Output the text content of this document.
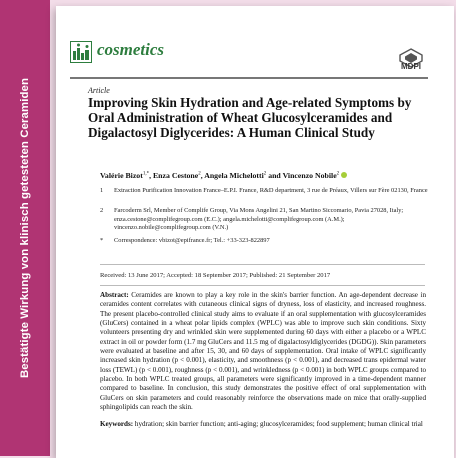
Bestätigte Wirkung von klinisch getesteten Ceramiden
cosmetics
MDPI
Article
Improving Skin Hydration and Age-related Symptoms by Oral Administration of Wheat Glucosylceramides and Digalactosyl Diglycerides: A Human Clinical Study
Valérie Bizot$^{1,*}$, Enza Cestone$^2$, Angela Michelotti$^2$ and Vincenzo Nobile$^2$
1	Extraction Purification Innovation France–E.P.I. France, R&D department, 3 rue de Préaux, Villers sur Fère 02130, France
2	Farcoderm Srl, Member of Complife Group, Via Mons Angelini 21, San Martino Siccomario, Pavia 27028, Italy; enza.cestone@complifegroup.com (E.C.); angela.michelotti@complifegroup.com (A.M.); vincenzo.nobile@complifegroup.com (V.N.)
*	Correspondence: vbizot@epifrance.fr; Tel.: +33-323-822897
Received: 13 June 2017; Accepted: 18 September 2017; Published: 21 September 2017
Abstract: Ceramides are known to play a key role in the skin's barrier function. An age-dependent decrease in ceramides content correlates with cutaneous clinical signs of dryness, loss of elasticity, and increased roughness. The present placebo-controlled clinical study aims to evaluate if an oral supplementation with glucosylceramides (GluCers) contained in a wheat polar lipids complex (WPLC) was able to improve such skin conditions. Sixty volunteers presenting dry and wrinkled skin were supplemented during 60 days with either a placebo or a WPLC extract in oil or powder form (1.7 mg GluCers and 11.5 mg of digalactosyldiglycerides (DGDG)). Skin parameters were evaluated at baseline and after 15, 30, and 60 days of supplementation. Oral intake of WPLC significantly increased skin hydration (p < 0.001), elasticity, and smoothness (p < 0.001), and decreased trans epidermal water loss (TEWL) (p < 0.001), roughness (p < 0.001), and wrinkledness (p < 0.001) in both WPLC groups compared to placebo. In both WPLC treated groups, all parameters were significantly improved in a time-dependent manner compared to baseline. In conclusion, this study demonstrates the positive effect of oral supplementation with GluCers on skin parameters and could reasonably reinforce the observations made on mice that orally-supplied sphingolipids can reach the skin.
Keywords: hydration; skin barrier function; anti-aging; glucosylceramides; food supplement; human clinical trial
